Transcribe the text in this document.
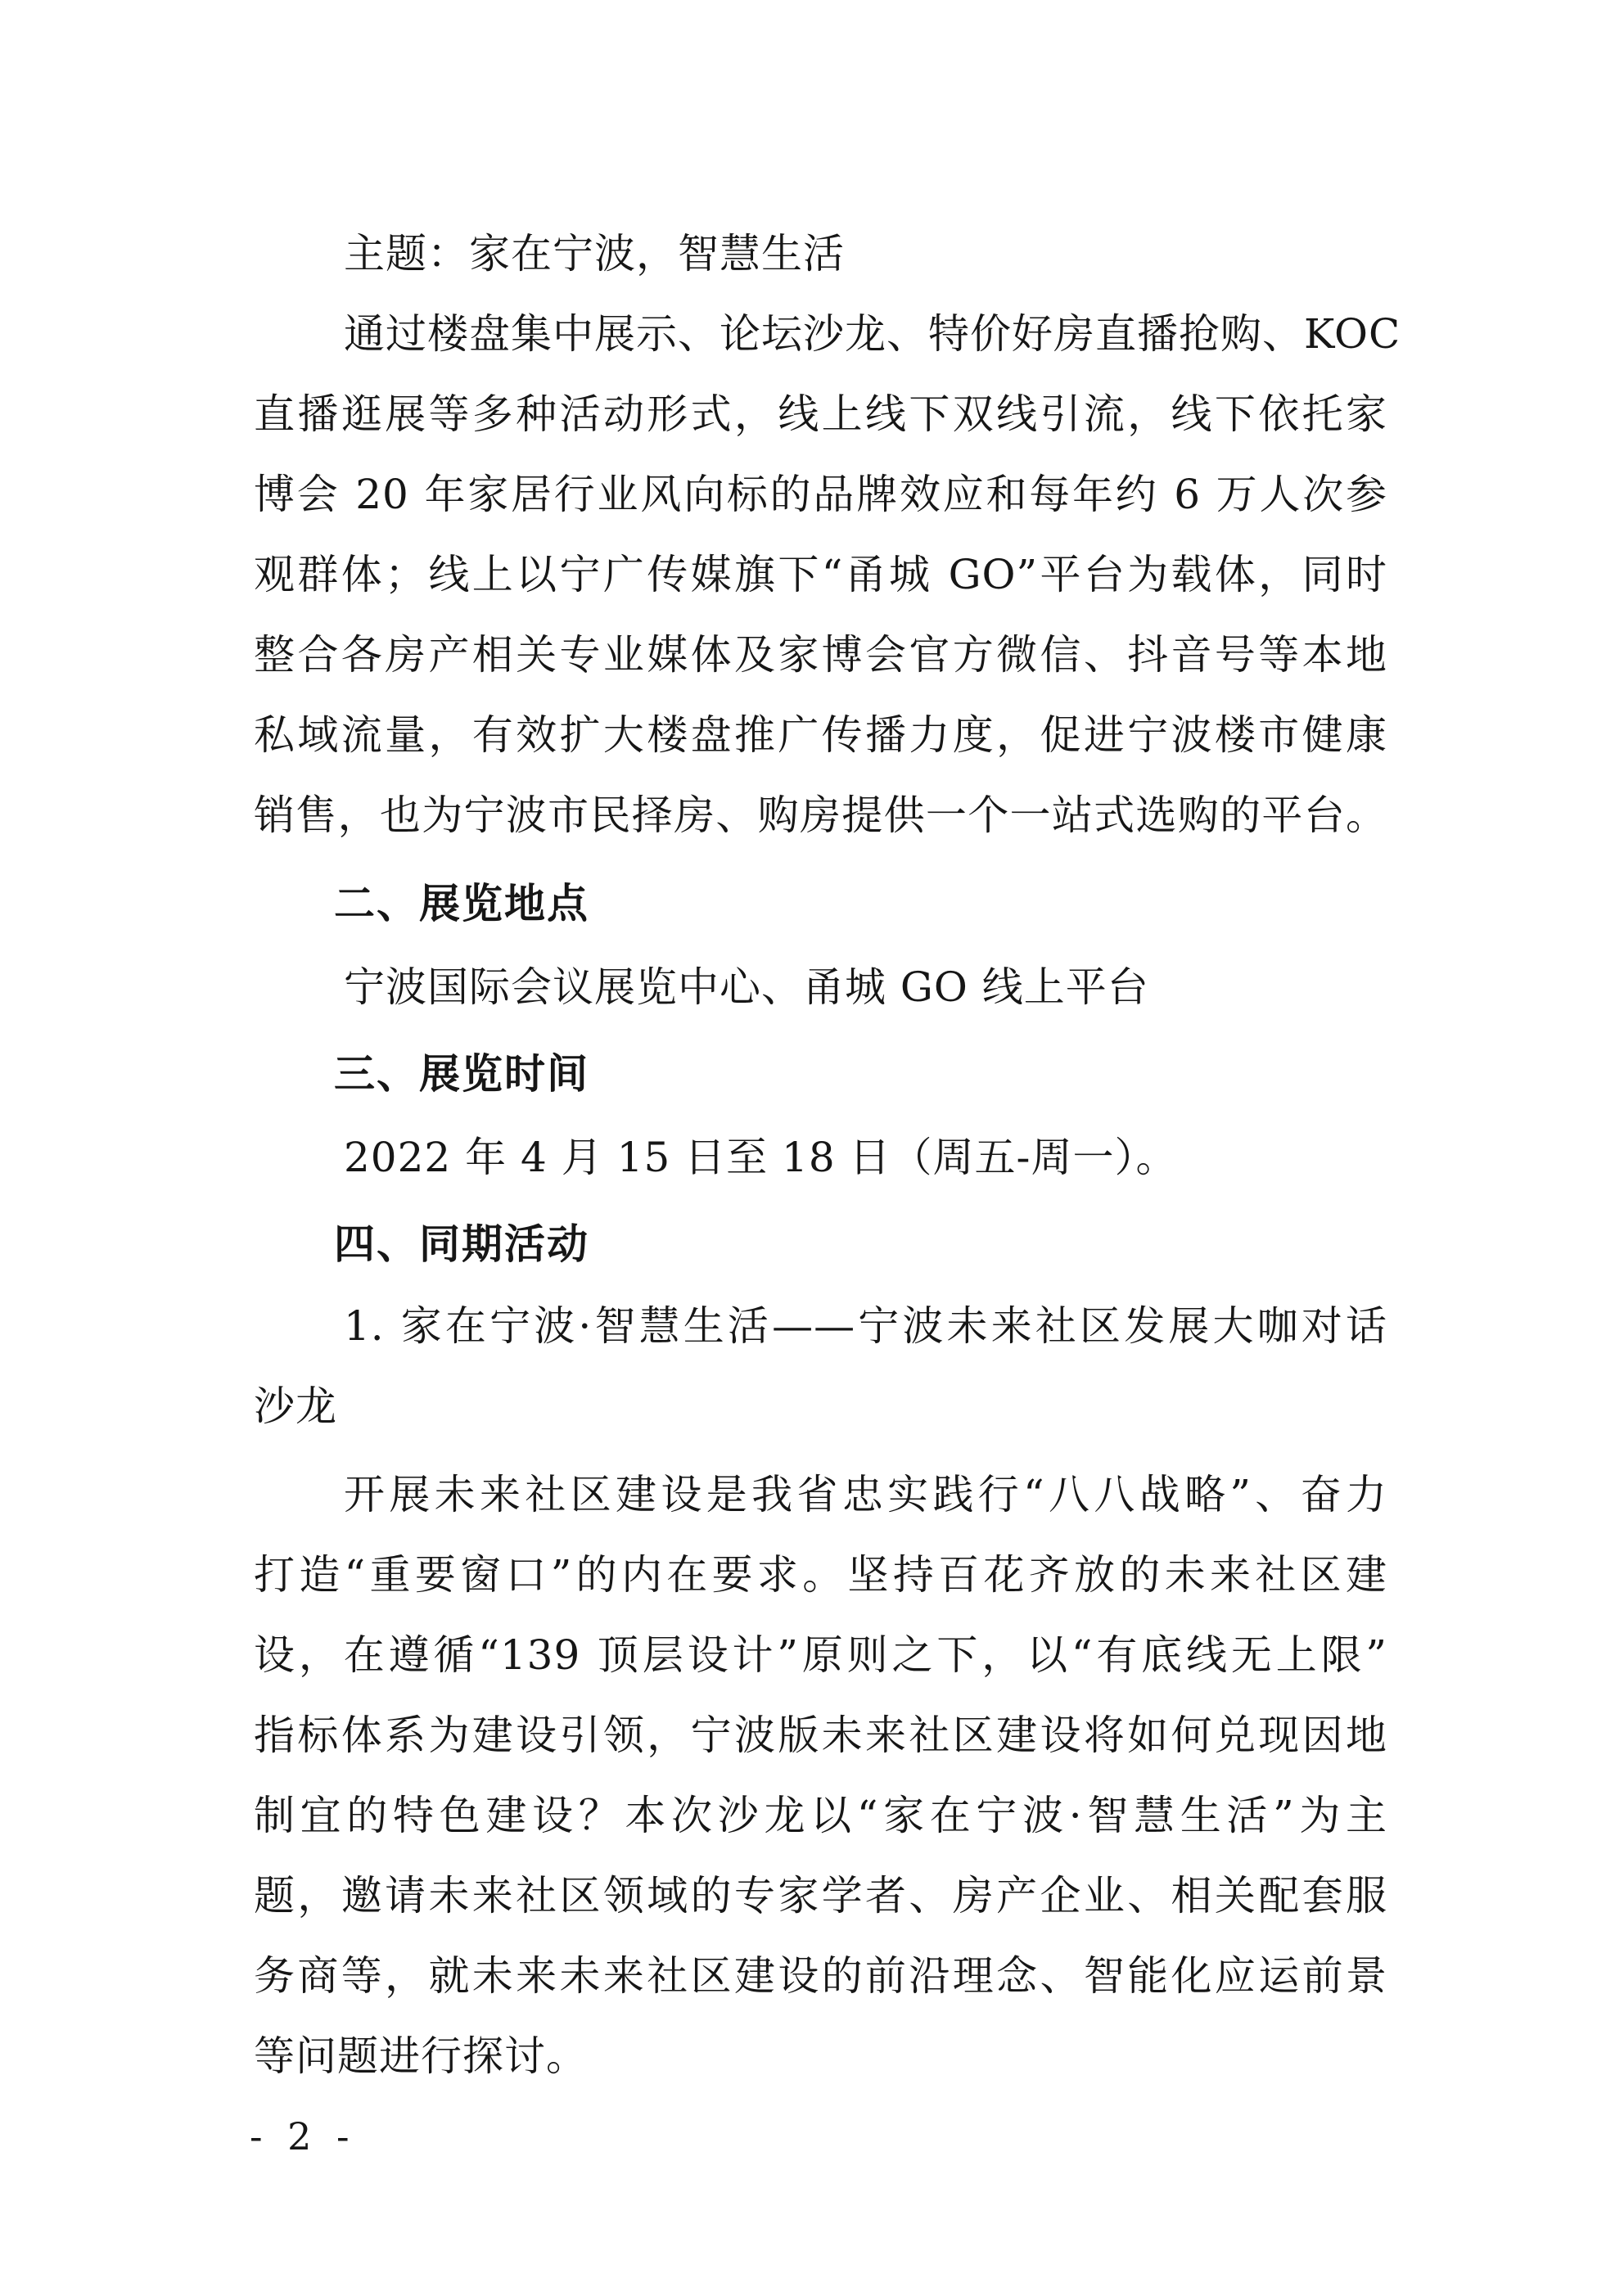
主题：家在宁波，智慧生活
通过楼盘集中展示、论坛沙龙、特价好房直播抢购、KOC
直播逛展等多种活动形式，线上线下双线引流，线下依托家
博会 20 年家居行业风向标的品牌效应和每年约 6 万人次参
观群体；线上以宁广传媒旗下“甬城 GO”平台为载体，同时
整合各房产相关专业媒体及家博会官方微信、抖音号等本地
私域流量，有效扩大楼盘推广传播力度，促进宁波楼市健康
销售，也为宁波市民择房、购房提供一个一站式选购的平台。
二、展览地点
宁波国际会议展览中心、甬城 GO 线上平台
三、展览时间
2022 年 4 月 15 日至 18 日（周五-周一）。
四、同期活动
1. 家在宁波·智慧生活——宁波未来社区发展大咖对话
沙龙
开展未来社区建设是我省忠实践行“八八战略”、奋力
打造“重要窗口”的内在要求。坚持百花齐放的未来社区建
设，在遵循“139 顶层设计”原则之下，以“有底线无上限”
指标体系为建设引领，宁波版未来社区建设将如何兑现因地
制宜的特色建设？本次沙龙以“家在宁波·智慧生活”为主
题，邀请未来社区领域的专家学者、房产企业、相关配套服
务商等，就未来未来社区建设的前沿理念、智能化应运前景
等问题进行探讨。
- 2 -
